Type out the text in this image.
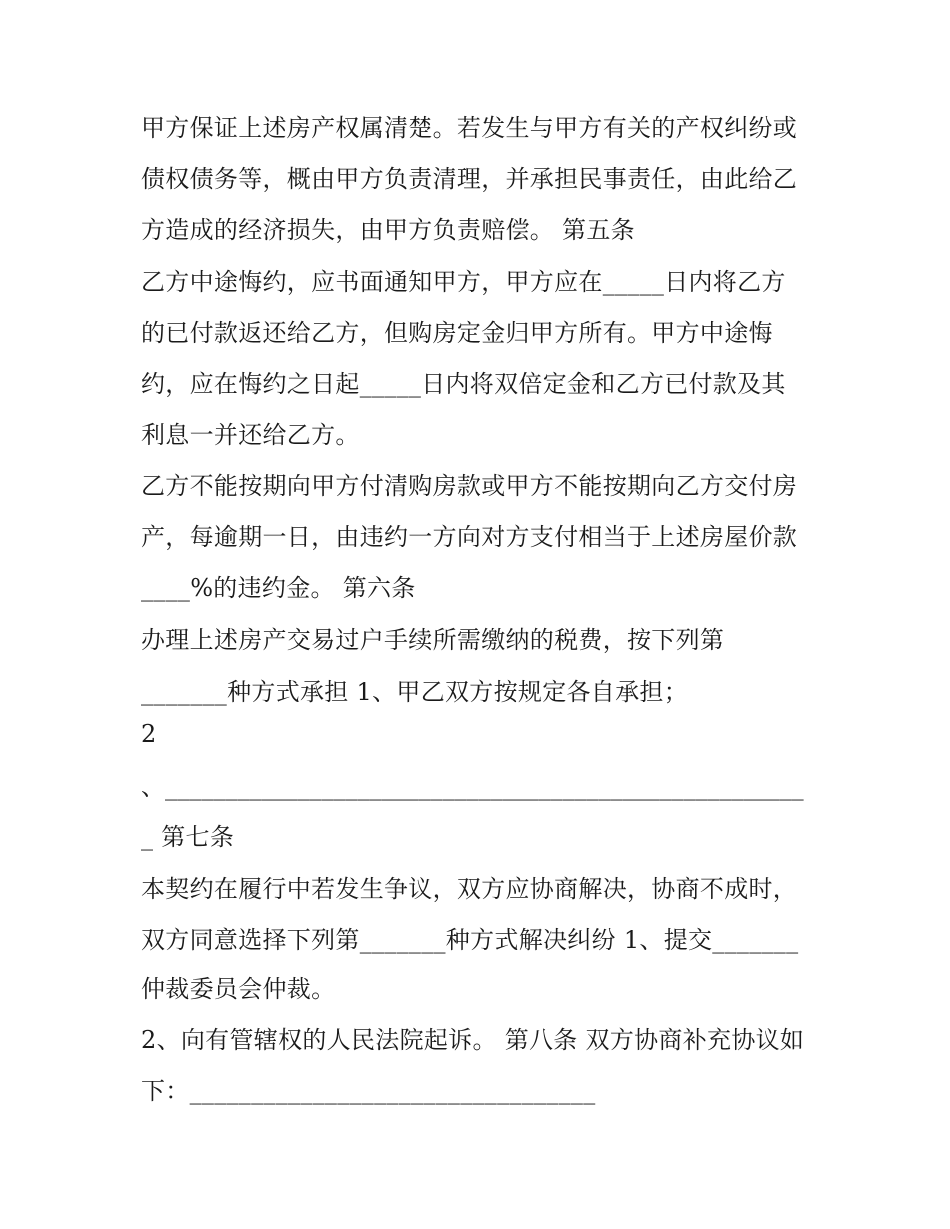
甲方保证上述房产权属清楚。若发生与甲方有关的产权纠纷或
债权债务等，概由甲方负责清理，并承担民事责任，由此给乙
方造成的经济损失，由甲方负责赔偿。 第五条
乙方中途悔约，应书面通知甲方，甲方应在_____日内将乙方
的已付款返还给乙方，但购房定金归甲方所有。甲方中途悔
约，应在悔约之日起_____日内将双倍定金和乙方已付款及其
利息一并还给乙方。
乙方不能按期向甲方付清购房款或甲方不能按期向乙方交付房
产，每逾期一日，由违约一方向对方支付相当于上述房屋价款
____%的违约金。 第六条
办理上述房产交易过户手续所需缴纳的税费，按下列第
_______种方式承担 1、甲乙双方按规定各自承担；
2
、_____________________________________________________
_ 第七条
本契约在履行中若发生争议，双方应协商解决，协商不成时，
双方同意选择下列第_______种方式解决纠纷 1、提交_______
仲裁委员会仲裁。
2、向有管辖权的人民法院起诉。 第八条 双方协商补充协议如
下：_________________________________
